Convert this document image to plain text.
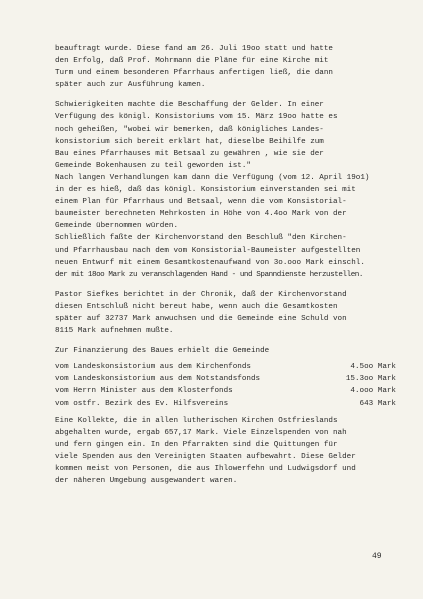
beauftragt wurde. Diese fand am 26. Juli 19oo statt und hatte
den Erfolg, daß Prof. Mohrmann die Pläne für eine Kirche mit
Turm und einem besonderen Pfarrhaus anfertigen ließ, die dann
später auch zur Ausführung kamen.
Schwierigkeiten machte die Beschaffung der Gelder. In einer
Verfügung des königl. Konsistoriums vom 15. März 19oo hatte es
noch geheißen, "wobei wir bemerken, daß königliches Landes-
konsistorium sich bereit erklärt hat, dieselbe Beihilfe zum
Bau eines Pfarrhauses mit Betsaal zu gewähren , wie sie der
Gemeinde Bokenhausen zu teil geworden ist."
Nach langen Verhandlungen kam dann die Verfügung (vom 12. April 19o1)
in der es hieß, daß das königl. Konsistorium einverstanden sei mit
einem Plan für Pfarrhaus und Betsaal, wenn die vom Konsistorial-
baumeister berechneten Mehrkosten in Höhe von 4.4oo Mark von der
Gemeinde übernommen würden.
Schließlich faßte der Kirchenvorstand den Beschluß "den Kirchen-
und Pfarrhausbau nach dem vom Konsistorial-Baumeister aufgestellten
neuen Entwurf mit einem Gesamtkostenaufwand von 3o.ooo Mark einschl.
der mit 18oo Mark zu veranschlagenden Hand - und Spanndienste herzustellen.
Pastor Siefkes berichtet in der Chronik, daß der Kirchenvorstand
diesen Entschluß nicht bereut habe, wenn auch die Gesamtkosten
später auf 32737 Mark anwuchsen und die Gemeinde eine Schuld von
8115 Mark aufnehmen mußte.
Zur Finanzierung des Baues erhielt die Gemeinde
vom Landeskonsistorium aus dem Kirchenfonds	4.5oo Mark
vom Landeskonsistorium aus dem Notstandsfonds	15.3oo Mark
vom Herrn Minister aus dem Klosterfonds	4.ooo Mark
vom ostfr. Bezirk des Ev. Hilfsvereins	643 Mark
Eine Kollekte, die in allen lutherischen Kirchen Ostfrieslands
abgehalten wurde, ergab 657,17 Mark. Viele Einzelspenden von nah
und fern gingen ein. In den Pfarrakten sind die Quittungen für
viele Spenden aus den Vereinigten Staaten aufbewahrt. Diese Gelder
kommen meist von Personen, die aus Ihlowerfehn und Ludwigsdorf und
der näheren Umgebung ausgewandert waren.
49
